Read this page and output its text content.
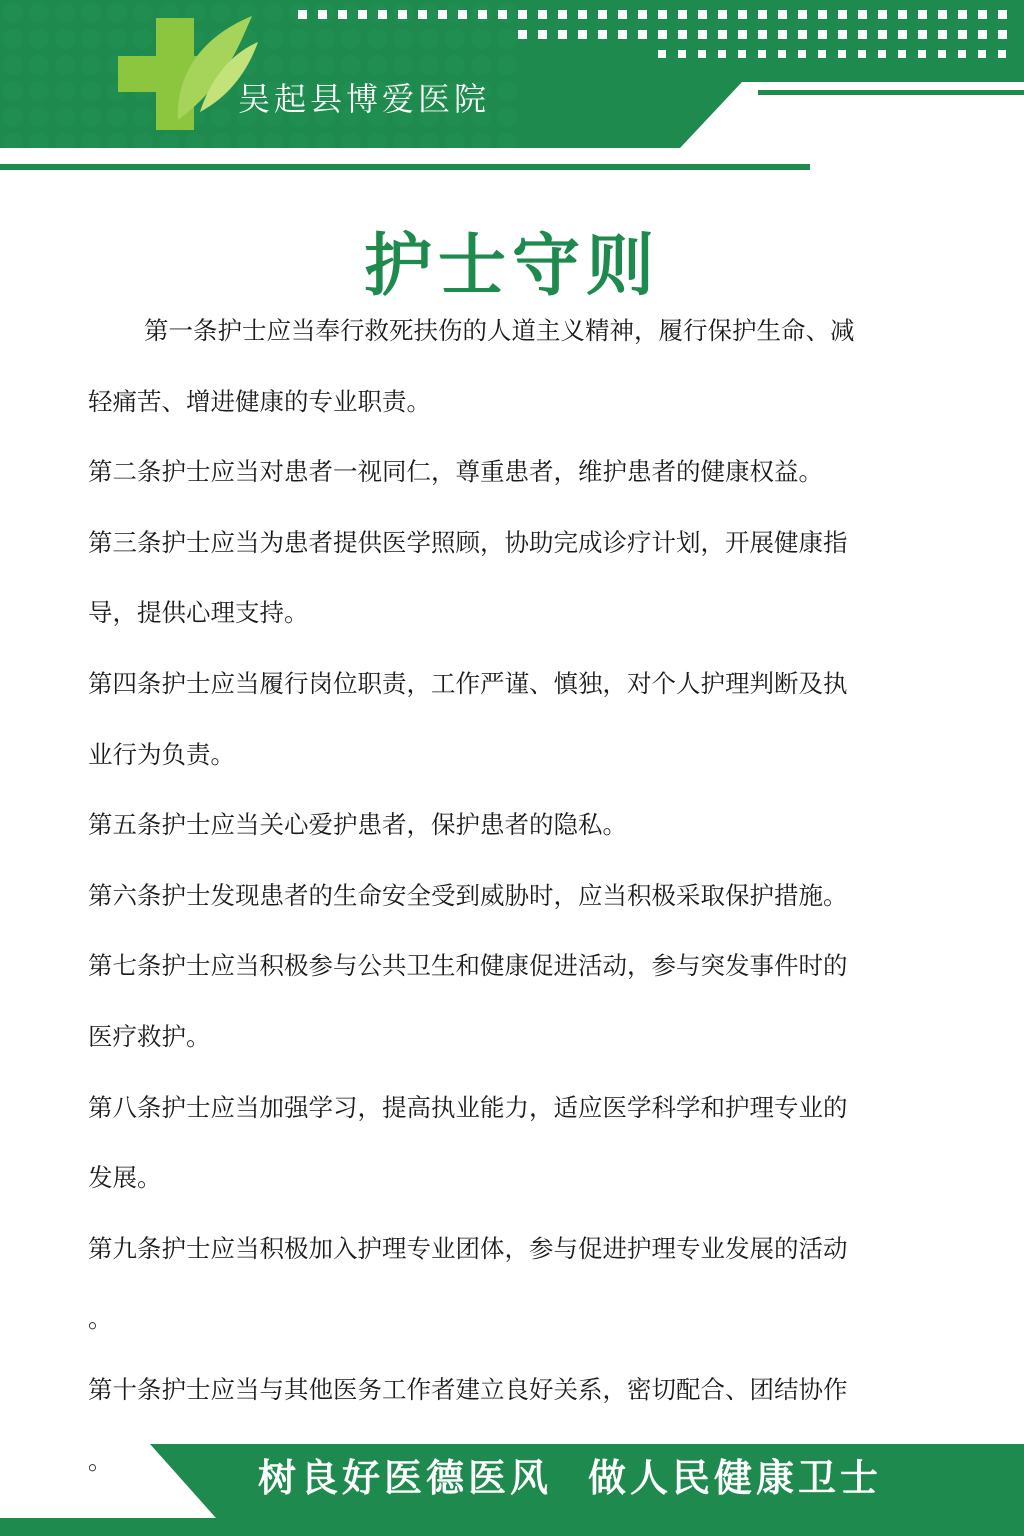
吴起县博爱医院
护士守则
第一条护士应当奉行救死扶伤的人道主义精神，履行保护生命、减
轻痛苦、增进健康的专业职责。
第二条护士应当对患者一视同仁，尊重患者，维护患者的健康权益。
第三条护士应当为患者提供医学照顾，协助完成诊疗计划，开展健康指
导，提供心理支持。
第四条护士应当履行岗位职责，工作严谨、慎独，对个人护理判断及执
业行为负责。
第五条护士应当关心爱护患者，保护患者的隐私。
第六条护士发现患者的生命安全受到威胁时，应当积极采取保护措施。
第七条护士应当积极参与公共卫生和健康促进活动，参与突发事件时的
医疗救护。
第八条护士应当加强学习，提高执业能力，适应医学科学和护理专业的
发展。
第九条护士应当积极加入护理专业团体，参与促进护理专业发展的活动
。
第十条护士应当与其他医务工作者建立良好关系，密切配合、团结协作
。	树良好医德医风 做人民健康卫士
